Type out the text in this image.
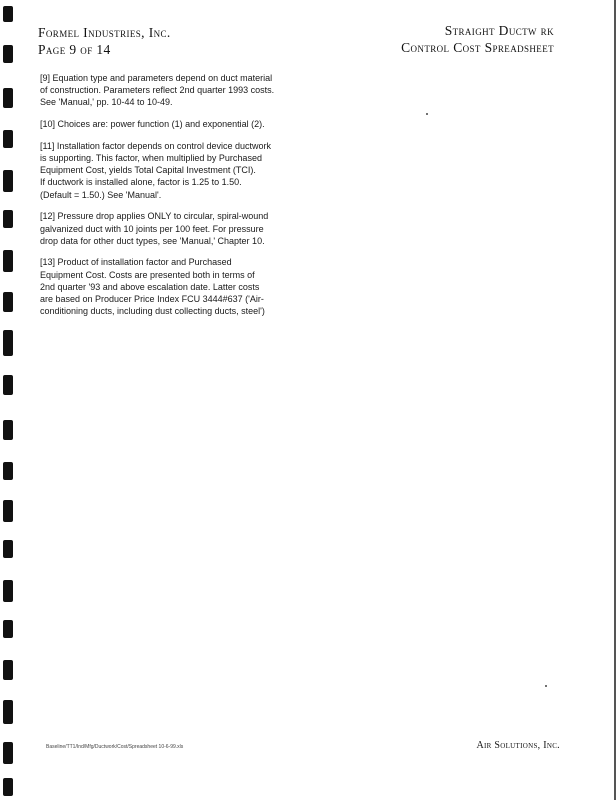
Formel Industries, Inc.
Page 9 of 14
Straight Ductw rk
Control Cost Spreadsheet

[9] Equation type and parameters depend on duct material
of construction. Parameters reflect 2nd quarter 1993 costs.
See 'Manual,' pp. 10-44 to 10-49.

[10] Choices are: power function (1) and exponential (2).

[11] Installation factor depends on control device ductwork
is supporting. This factor, when multiplied by Purchased
Equipment Cost, yields Total Capital Investment (TCI).
If ductwork is installed alone, factor is 1.25 to 1.50.
(Default = 1.50.) See 'Manual'.

[12] Pressure drop applies ONLY to circular, spiral-wound
galvanized duct with 10 joints per 100 feet. For pressure
drop data for other duct types, see 'Manual,' Chapter 10.

[13] Product of installation factor and Purchased
Equipment Cost. Costs are presented both in terms of
2nd quarter '93 and above escalation date. Latter costs
are based on Producer Price Index FCU 3444#637 ('Air-
conditioning ducts, including dust collecting ducts, steel')

Baseline/TT1/Ind/Mfg/Ductwork/Cost/Spreadsheet 10-6-99.xls	Air Solutions, Inc.
